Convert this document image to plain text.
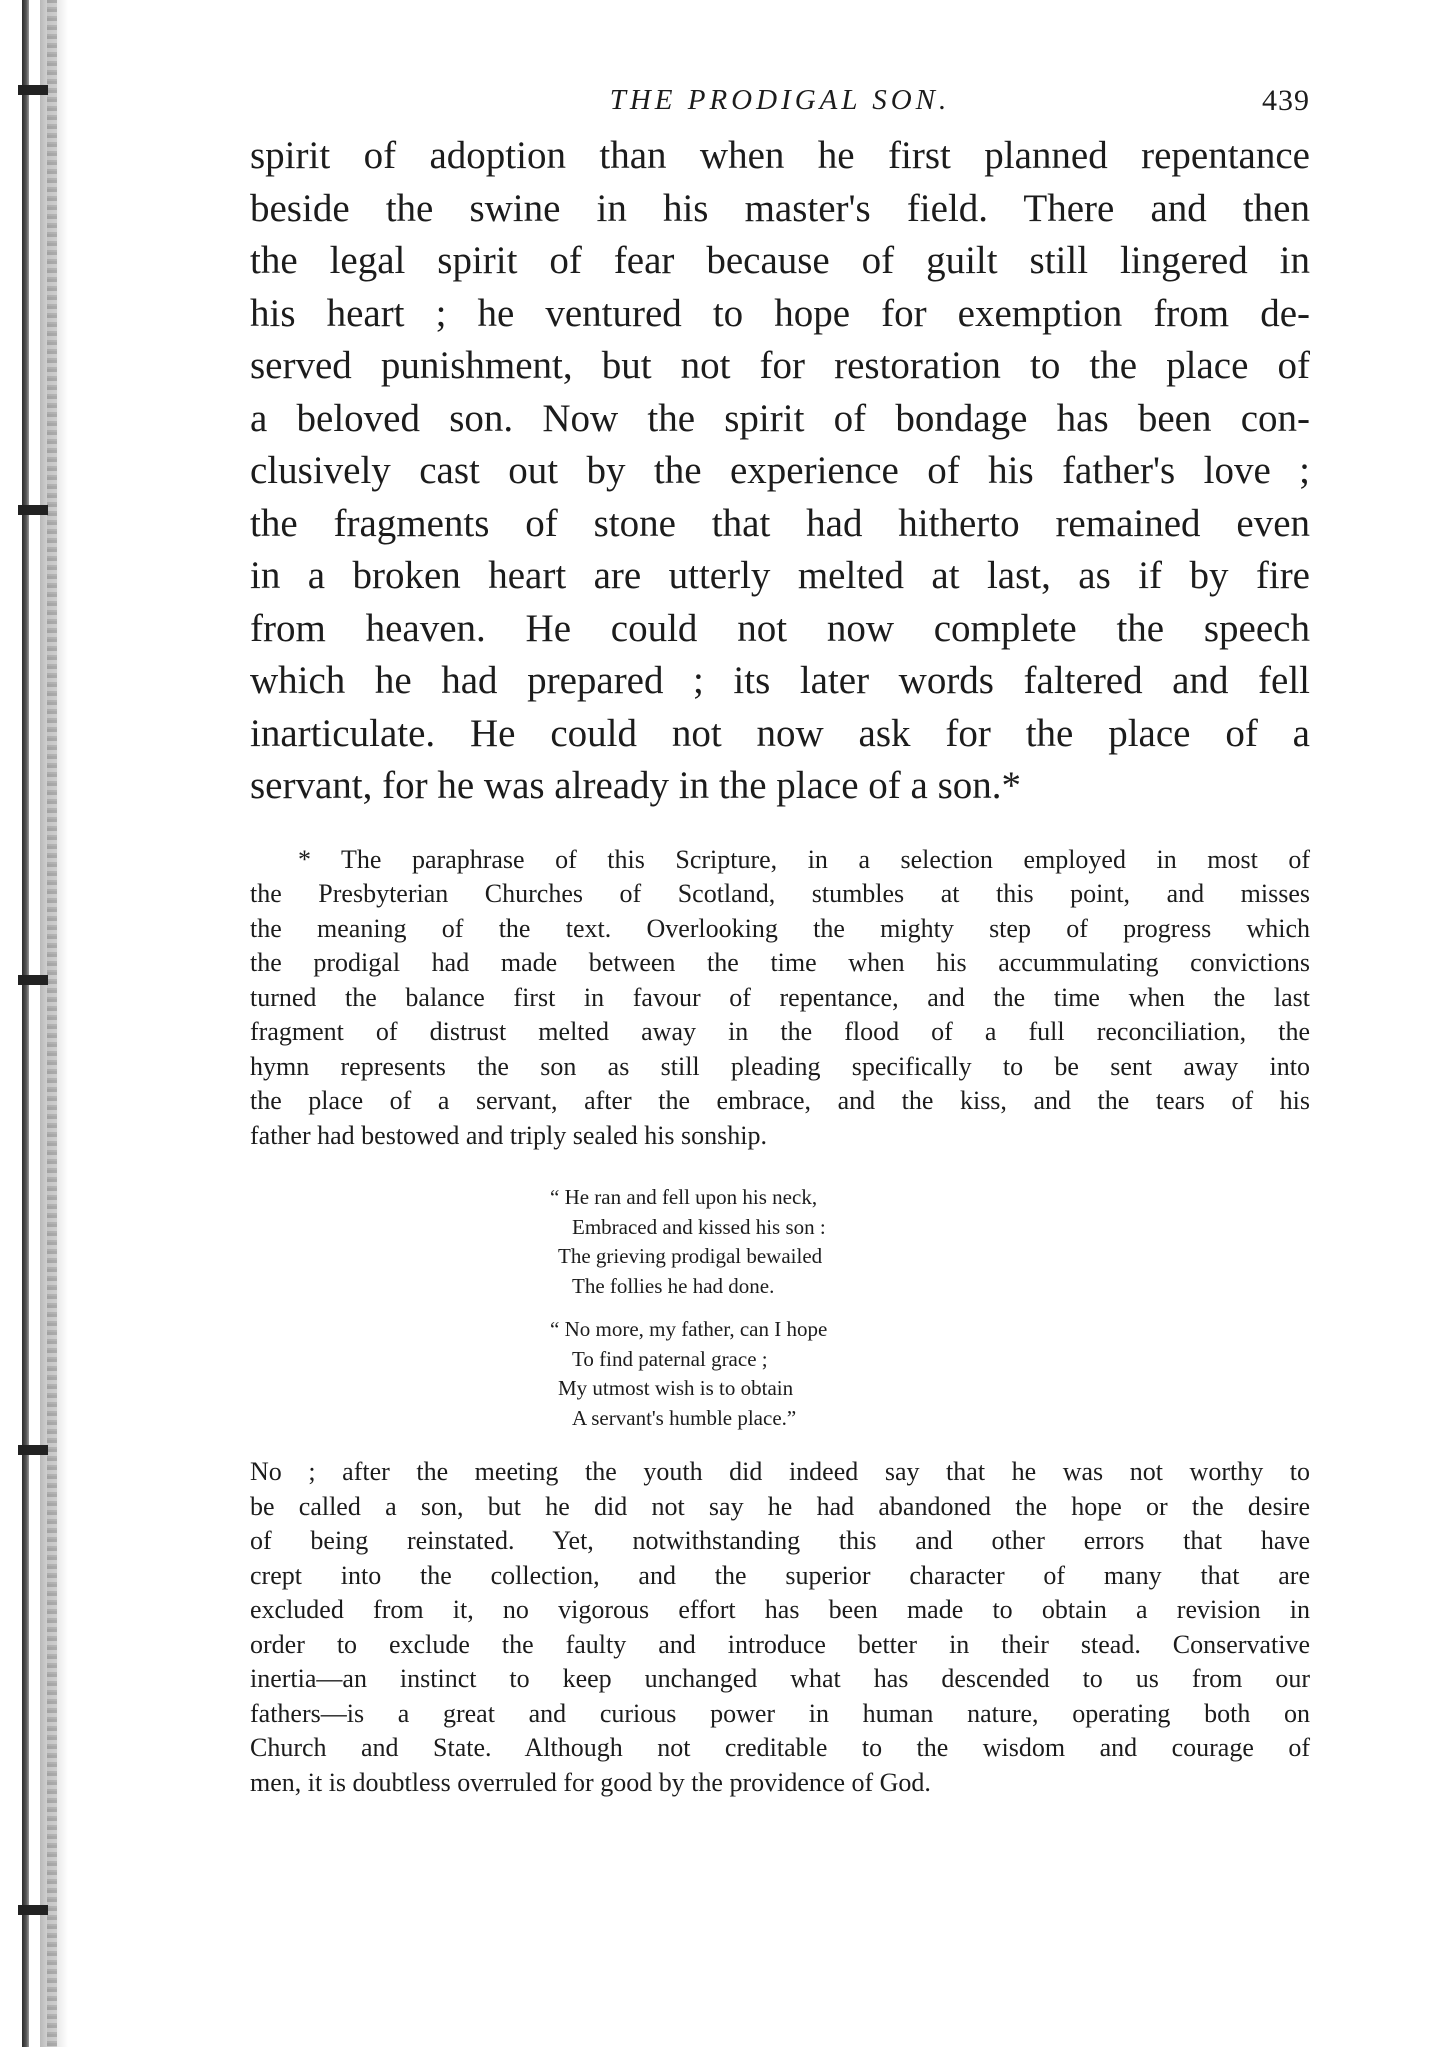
THE PRODIGAL SON.	439
spirit of adoption than when he first planned repentance
beside the swine in his master's field. There and then
the legal spirit of fear because of guilt still lingered in
his heart ; he ventured to hope for exemption from de-
served punishment, but not for restoration to the place of
a beloved son. Now the spirit of bondage has been con-
clusively cast out by the experience of his father's love ;
the fragments of stone that had hitherto remained even
in a broken heart are utterly melted at last, as if by fire
from heaven. He could not now complete the speech
which he had prepared ; its later words faltered and fell
inarticulate. He could not now ask for the place of a
servant, for he was already in the place of a son.*
* The paraphrase of this Scripture, in a selection employed in most of
the Presbyterian Churches of Scotland, stumbles at this point, and misses
the meaning of the text. Overlooking the mighty step of progress which
the prodigal had made between the time when his accummulating convictions
turned the balance first in favour of repentance, and the time when the last
fragment of distrust melted away in the flood of a full reconciliation, the
hymn represents the son as still pleading specifically to be sent away into
the place of a servant, after the embrace, and the kiss, and the tears of his
father had bestowed and triply sealed his sonship.
“ He ran and fell upon his neck,
Embraced and kissed his son :
The grieving prodigal bewailed
The follies he had done.
“ No more, my father, can I hope
To find paternal grace ;
My utmost wish is to obtain
A servant's humble place.”
No ; after the meeting the youth did indeed say that he was not worthy to
be called a son, but he did not say he had abandoned the hope or the desire
of being reinstated. Yet, notwithstanding this and other errors that have
crept into the collection, and the superior character of many that are
excluded from it, no vigorous effort has been made to obtain a revision in
order to exclude the faulty and introduce better in their stead. Conservative
inertia—an instinct to keep unchanged what has descended to us from our
fathers—is a great and curious power in human nature, operating both on
Church and State. Although not creditable to the wisdom and courage of
men, it is doubtless overruled for good by the providence of God.
